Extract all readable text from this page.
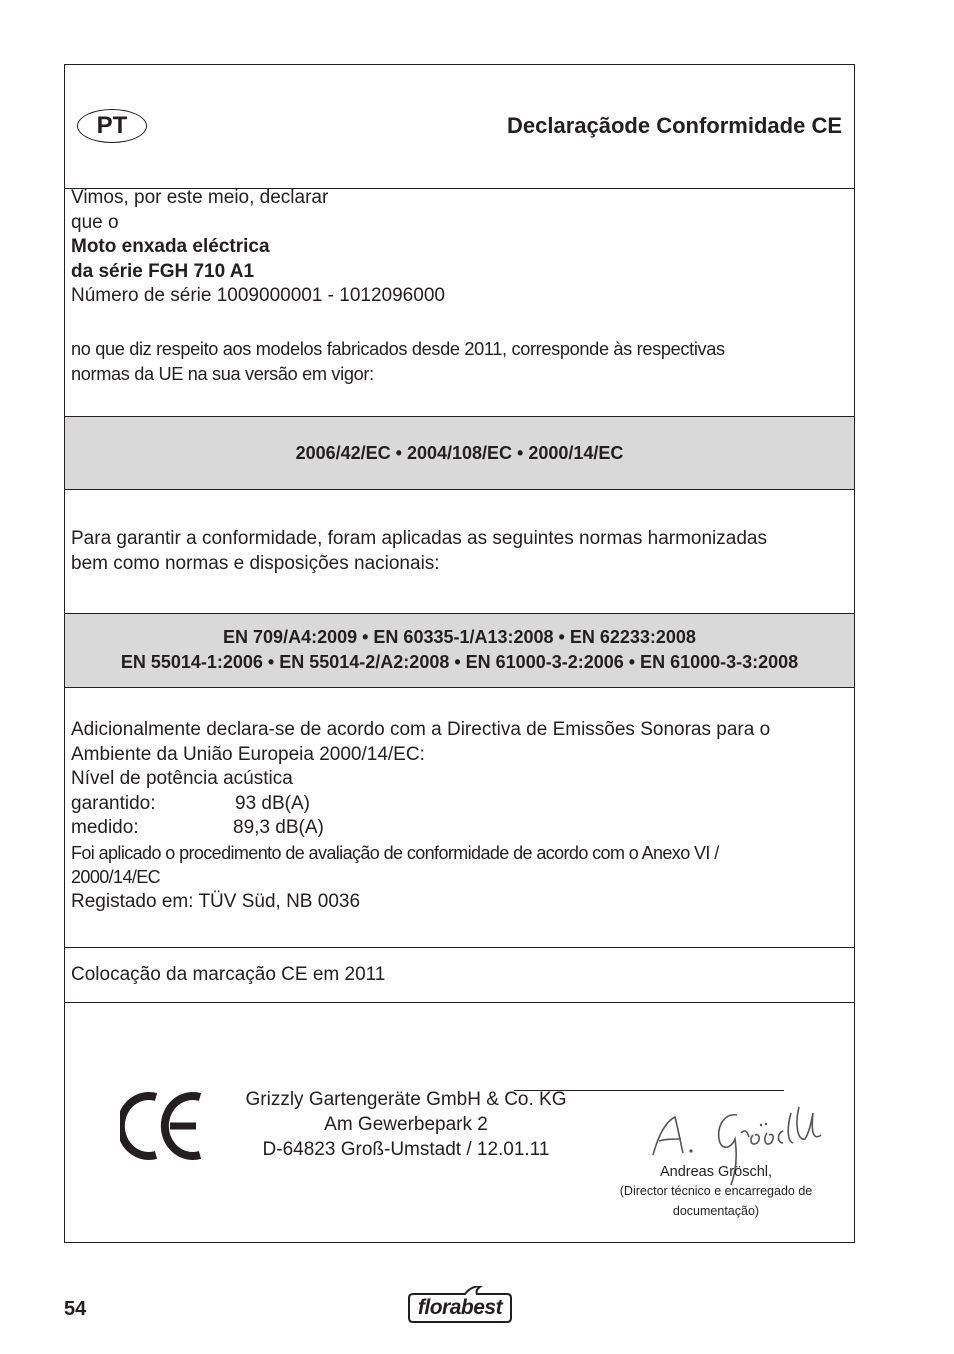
PT	Declaraçãode Conformidade CE
Vimos, por este meio, declarar
que o
Moto enxada eléctrica
da série FGH 710 A1
Número de série 1009000001 - 1012096000
no que diz respeito aos modelos fabricados desde 2011, corresponde às respectivas
normas da UE na sua versão em vigor:
2006/42/EC • 2004/108/EC • 2000/14/EC
Para garantir a conformidade, foram aplicadas as seguintes normas harmonizadas
bem como normas e disposições nacionais:
EN 709/A4:2009 • EN 60335-1/A13:2008 • EN 62233:2008
EN 55014-1:2006 • EN 55014-2/A2:2008 • EN 61000-3-2:2006 • EN 61000-3-3:2008
Adicionalmente declara-se de acordo com a Directiva de Emissões Sonoras para o
Ambiente da União Europeia 2000/14/EC:
Nível de potência acústica
garantido:	93 dB(A)
medido:	89,3 dB(A)
Foi aplicado o procedimento de avaliação de conformidade de acordo com o Anexo VI /
2000/14/EC
Registado em: TÜV Süd, NB 0036
Colocação da marcação CE em 2011
Grizzly Gartengeräte GmbH & Co. KG
Am Gewerbepark 2
D-64823 Groß-Umstadt / 12.01.11
Andreas Gröschl,
(Director técnico e encarregado de
documentação)
54	florabest
